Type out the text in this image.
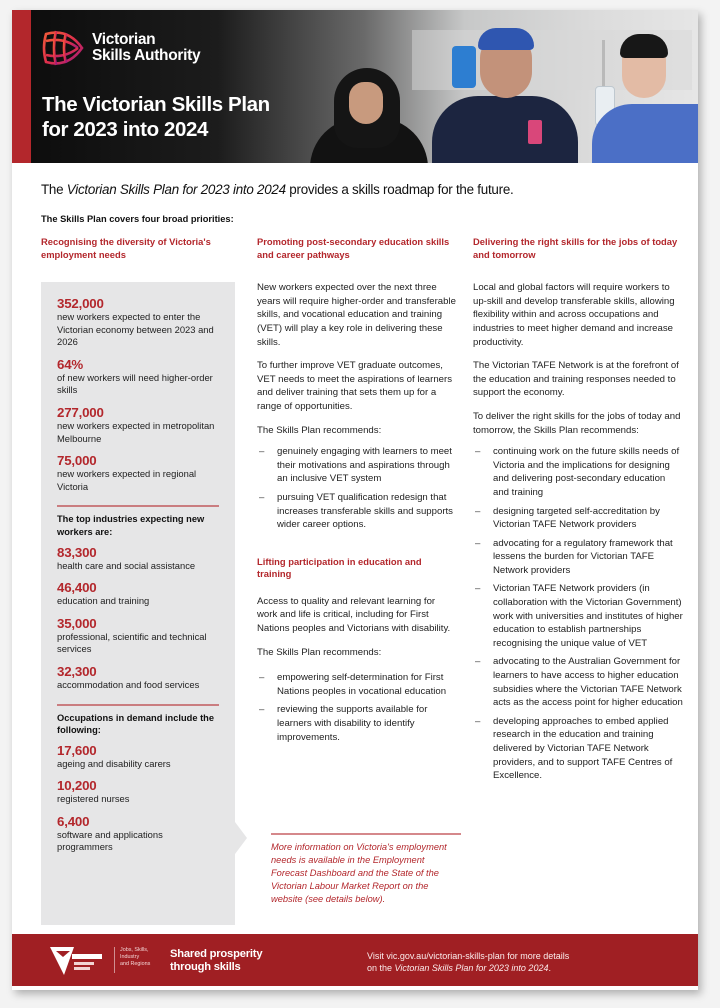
Victorian
Skills Authority
The Victorian Skills Plan
for 2023 into 2024
The Victorian Skills Plan for 2023 into 2024 provides a skills roadmap for the future.
The Skills Plan covers four broad priorities:
Recognising the diversity of Victoria's employment needs
352,000
new workers expected to enter the Victorian economy between 2023 and 2026
64%
of new workers will need higher-order skills
277,000
new workers expected in metropolitan Melbourne
75,000
new workers expected in regional Victoria
The top industries expecting new workers are:
83,300
health care and social assistance
46,400
education and training
35,000
professional, scientific and technical services
32,300
accommodation and food services
Occupations in demand include the following:
17,600
ageing and disability carers
10,200
registered nurses
6,400
software and applications programmers
Promoting post-secondary education skills and career pathways

New workers expected over the next three years will require higher-order and transferable skills, and vocational education and training (VET) will play a key role in delivering these skills.

To further improve VET graduate outcomes, VET needs to meet the aspirations of learners and deliver training that sets them up for a range of opportunities.

The Skills Plan recommends:

– genuinely engaging with learners to meet their motivations and aspirations through an inclusive VET system
– pursuing VET qualification redesign that increases transferable skills and supports wider career options.
Lifting participation in education and training

Access to quality and relevant learning for work and life is critical, including for First Nations peoples and Victorians with disability.

The Skills Plan recommends:

– empowering self-determination for First Nations peoples in vocational education
– reviewing the supports available for learners with disability to identify improvements.
More information on Victoria's employment needs is available in the Employment Forecast Dashboard and the State of the Victorian Labour Market Report on the website (see details below).
Delivering the right skills for the jobs of today and tomorrow

Local and global factors will require workers to up-skill and develop transferable skills, allowing flexibility within and across occupations and industries to meet higher demand and increase productivity.

The Victorian TAFE Network is at the forefront of the education and training responses needed to support the economy.

To deliver the right skills for the jobs of today and tomorrow, the Skills Plan recommends:

– continuing work on the future skills needs of Victoria and the implications for designing and delivering post-secondary education and training
– designing targeted self-accreditation by Victorian TAFE Network providers
– advocating for a regulatory framework that lessens the burden for Victorian TAFE Network providers
– Victorian TAFE Network providers (in collaboration with the Victorian Government) work with universities and institutes of higher education to establish partnerships recognising the unique value of VET
– advocating to the Australian Government for learners to have access to higher education subsidies where the Victorian TAFE Network acts as the access point for higher education
– developing approaches to embed applied research in the education and training delivered by Victorian TAFE Network providers, and to support TAFE Centres of Excellence.
Jobs, Skills,
Industry
and Regions
Shared prosperity
through skills
Visit vic.gov.au/victorian-skills-plan for more details
on the Victorian Skills Plan for 2023 into 2024.
